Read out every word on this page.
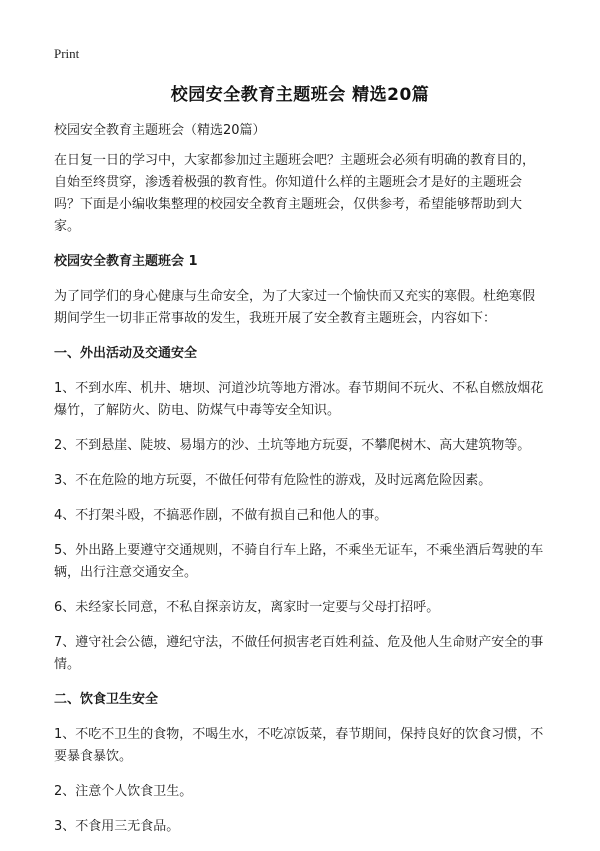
Print
校园安全教育主题班会 精选20篇

校园安全教育主题班会（精选20篇）

在日复一日的学习中，大家都参加过主题班会吧？主题班会必须有明确的教育目的，自始至终贯穿，渗透着极强的教育性。你知道什么样的主题班会才是好的主题班会吗？下面是小编收集整理的校园安全教育主题班会，仅供参考，希望能够帮助到大家。

校园安全教育主题班会 1

为了同学们的身心健康与生命安全，为了大家过一个愉快而又充实的寒假。杜绝寒假期间学生一切非正常事故的发生，我班开展了安全教育主题班会，内容如下：

一、外出活动及交通安全

1、不到水库、机井、塘坝、河道沙坑等地方滑冰。春节期间不玩火、不私自燃放烟花爆竹，了解防火、防电、防煤气中毒等安全知识。

2、不到悬崖、陡坡、易塌方的沙、土坑等地方玩耍，不攀爬树木、高大建筑物等。

3、不在危险的地方玩耍，不做任何带有危险性的游戏，及时远离危险因素。

4、不打架斗殴，不搞恶作剧，不做有损自己和他人的事。

5、外出路上要遵守交通规则，不骑自行车上路，不乘坐无证车，不乘坐酒后驾驶的车辆，出行注意交通安全。

6、未经家长同意，不私自探亲访友，离家时一定要与父母打招呼。

7、遵守社会公德，遵纪守法，不做任何损害老百姓利益、危及他人生命财产安全的事情。

二、饮食卫生安全

1、不吃不卫生的食物，不喝生水，不吃凉饭菜，春节期间，保持良好的饮食习惯，不要暴食暴饮。

2、注意个人饮食卫生。

3、不食用三无食品。
